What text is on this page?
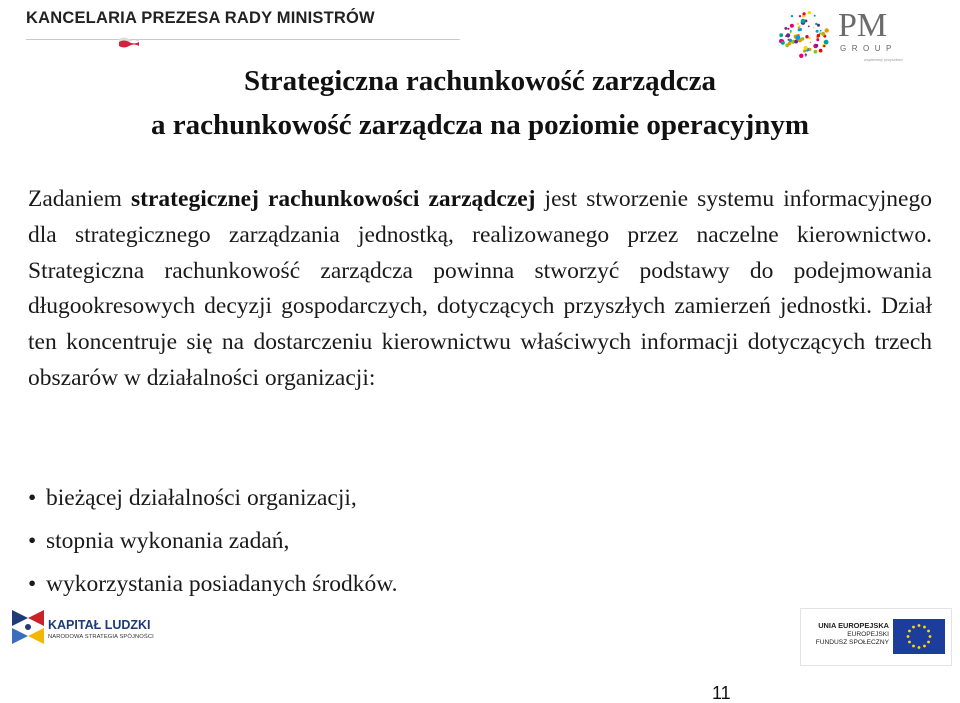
KANCELARIA PREZESA RADY MINISTRÓW	PM
GROUP
wspieramy przyszłość
Strategiczna rachunkowość zarządcza
a rachunkowość zarządcza na poziomie operacyjnym
Zadaniem strategicznej rachunkowości zarządczej jest stworzenie systemu informacyjnego dla strategicznego zarządzania jednostką, realizowanego przez naczelne kierownictwo. Strategiczna rachunkowość zarządcza powinna stworzyć podstawy do podejmowania długookresowych decyzji gospodarczych, dotyczących przyszłych zamierzeń jednostki. Dział ten koncentruje się na dostarczeniu kierownictwu właściwych informacji dotyczących trzech obszarów w działalności organizacji:
• bieżącej działalności organizacji,
• stopnia wykonania zadań,
• wykorzystania posiadanych środków.
KAPITAŁ LUDZKI
NARODOWA STRATEGIA SPÓJNOŚCI
UNIA EUROPEJSKA
EUROPEJSKI
FUNDUSZ SPOŁECZNY
11
